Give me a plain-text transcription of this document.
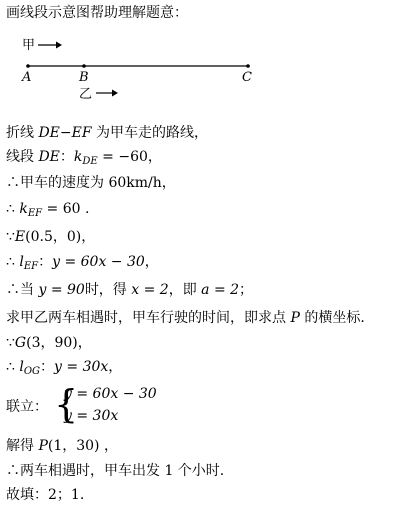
画线段示意图帮助理解题意：
甲
A	B	C
乙
折线 DE−EF 为甲车走的路线，
线段 DE：$k_{DE} = -60$，
∴甲车的速度为 60km/h，
∴ $k_{EF} = 60$ .
∵E(0.5，0)，
∴ $l_{EF}$：y = 60x − 30，
∴当 y = 90时，得 x = 2，即 a = 2；
求甲乙两车相遇时，甲车行驶的时间，即求点 P 的横坐标.
∵G(3，90)，
∴ $l_{OG}$：y = 30x，
联立： {
y = 60x − 30
y = 30x
解得 P(1，30) ，
∴两车相遇时，甲车出发 1 个小时.
故填：2；1.
